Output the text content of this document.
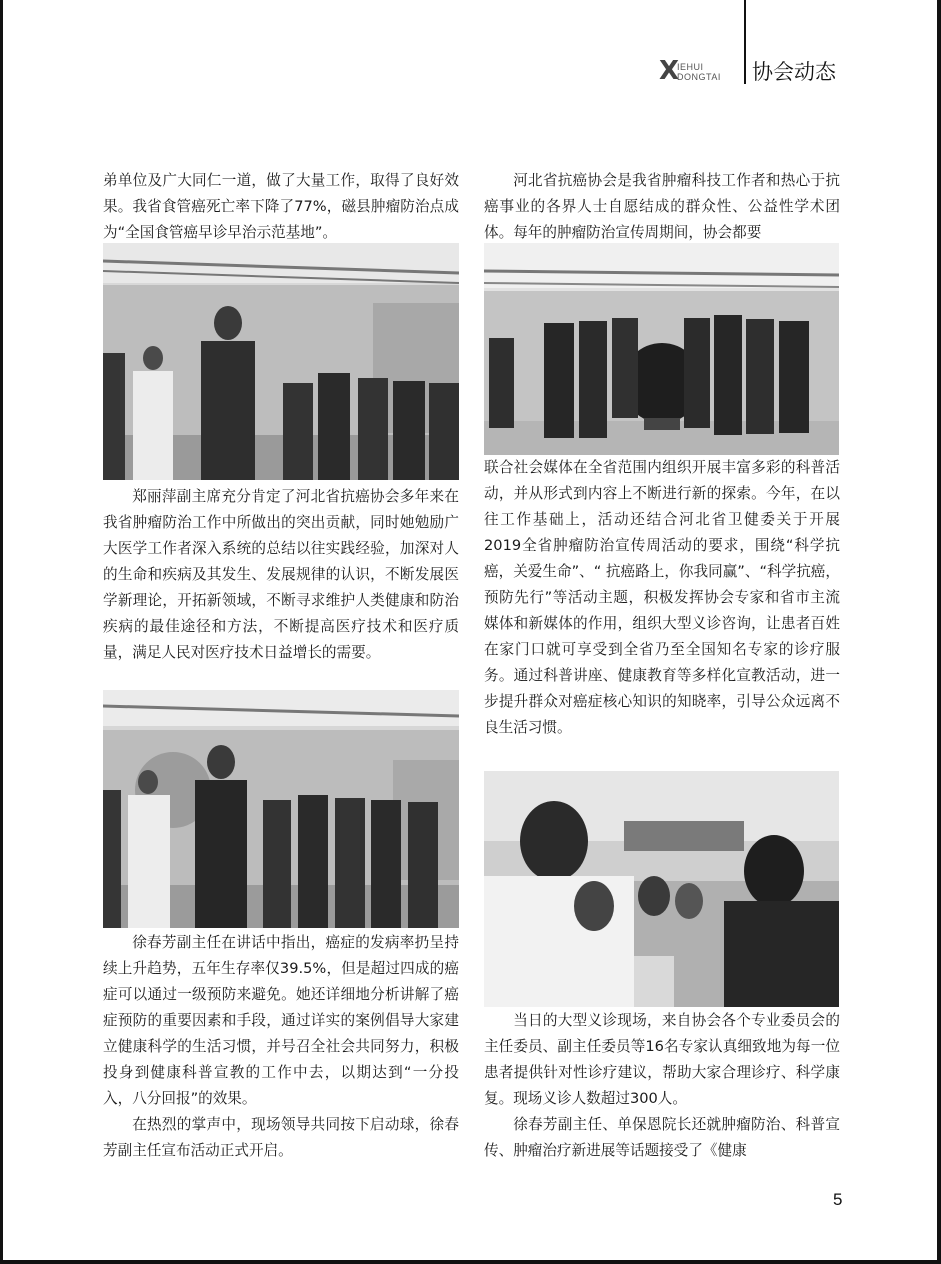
X
IEHUI
DONGTAI 协会动态

弟单位及广大同仁一道，做了大量工作，取得了良好效果。我省食管癌死亡率下降了77%，磁县肿瘤防治点成为“全国食管癌早诊早治示范基地”。

郑丽萍副主席充分肯定了河北省抗癌协会多年来在我省肿瘤防治工作中所做出的突出贡献，同时她勉励广大医学工作者深入系统的总结以往实践经验，加深对人的生命和疾病及其发生、发展规律的认识，不断发展医学新理论，开拓新领域，不断寻求维护人类健康和防治疾病的最佳途径和方法，不断提高医疗技术和医疗质量，满足人民对医疗技术日益增长的需要。

徐春芳副主任在讲话中指出，癌症的发病率扔呈持续上升趋势，五年生存率仅39.5%，但是超过四成的癌症可以通过一级预防来避免。她还详细地分析讲解了癌症预防的重要因素和手段，通过详实的案例倡导大家建立健康科学的生活习惯，并号召全社会共同努力，积极投身到健康科普宣教的工作中去，以期达到“一分投入，八分回报”的效果。

在热烈的掌声中，现场领导共同按下启动球，徐春芳副主任宣布活动正式开启。

河北省抗癌协会是我省肿瘤科技工作者和热心于抗癌事业的各界人士自愿结成的群众性、公益性学术团体。每年的肿瘤防治宣传周期间，协会都要

联合社会媒体在全省范围内组织开展丰富多彩的科普活动，并从形式到内容上不断进行新的探索。今年，在以往工作基础上，活动还结合河北省卫健委关于开展2019全省肿瘤防治宣传周活动的要求，围绕“科学抗癌，关爱生命”、“ 抗癌路上，你我同赢”、“科学抗癌，预防先行”等活动主题，积极发挥协会专家和省市主流媒体和新媒体的作用，组织大型义诊咨询，让患者百姓在家门口就可享受到全省乃至全国知名专家的诊疗服务。通过科普讲座、健康教育等多样化宣教活动，进一步提升群众对癌症核心知识的知晓率，引导公众远离不良生活习惯。

当日的大型义诊现场，来自协会各个专业委员会的主任委员、副主任委员等16名专家认真细致地为每一位患者提供针对性诊疗建议，帮助大家合理诊疗、科学康复。现场义诊人数超过300人。

徐春芳副主任、单保恩院长还就肿瘤防治、科普宣传、肿瘤治疗新进展等话题接受了《健康

5
